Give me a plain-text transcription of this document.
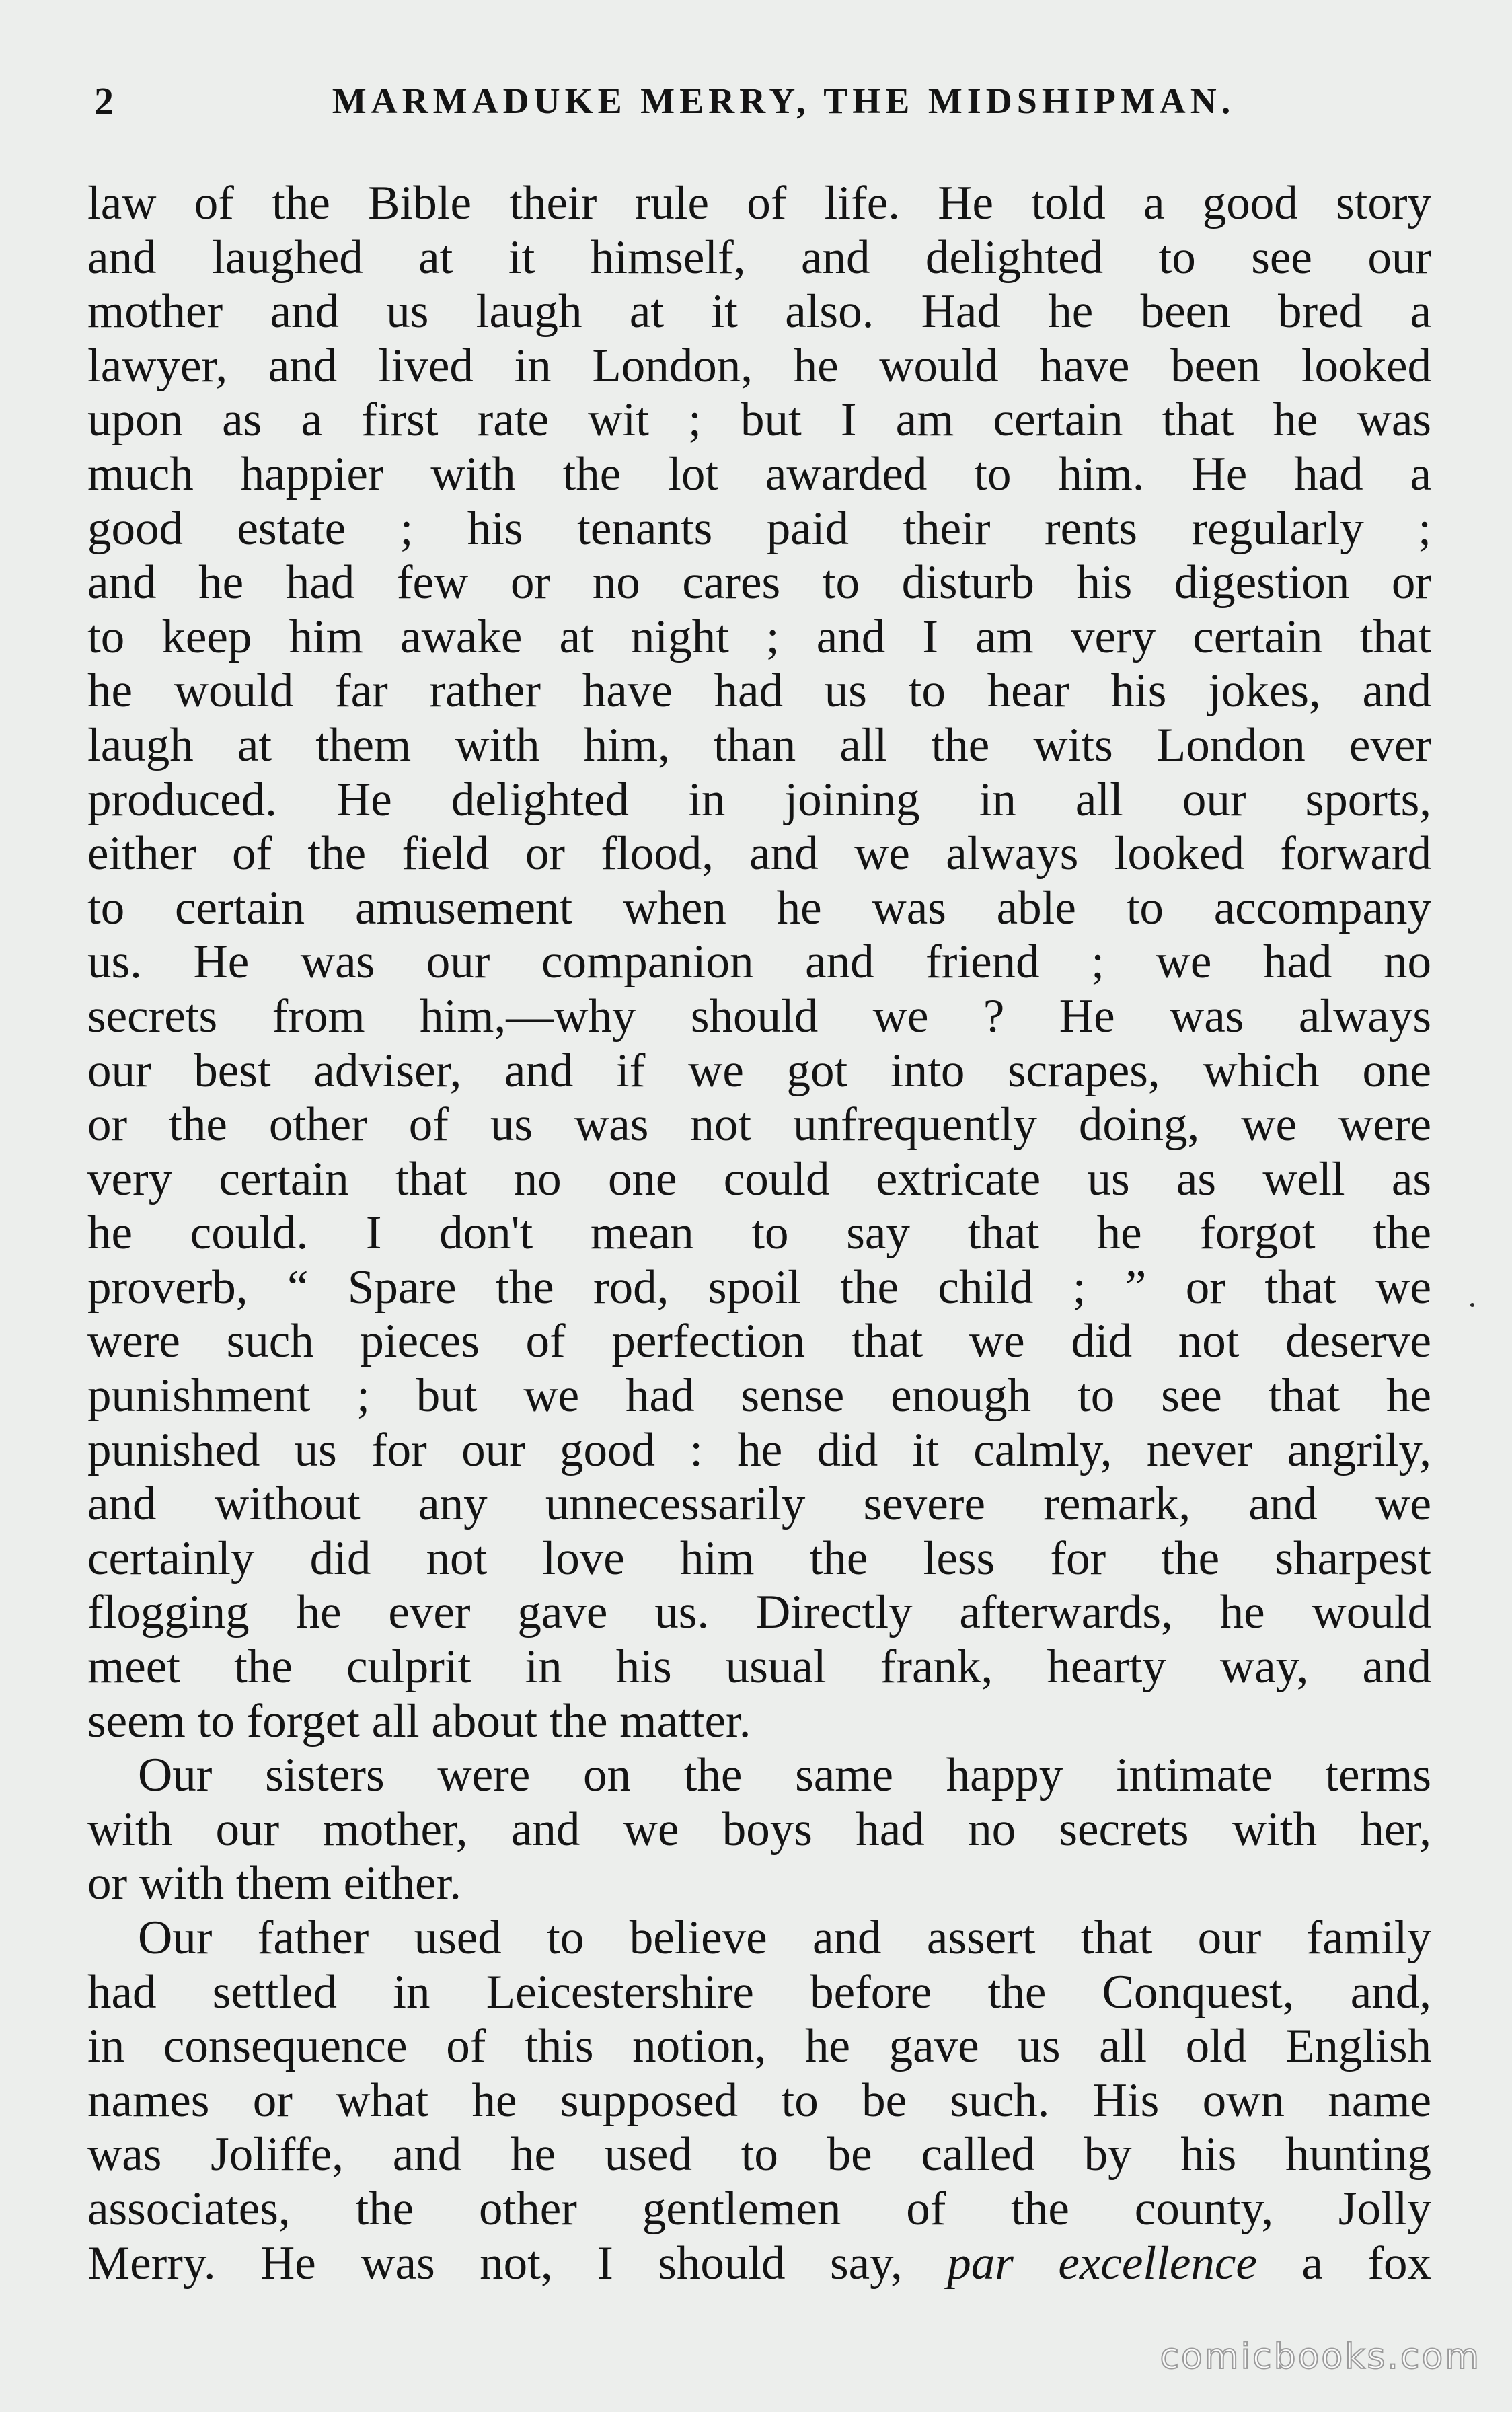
2	MARMADUKE MERRY, THE MIDSHIPMAN.
law of the Bible their rule of life. He told a good story
and laughed at it himself, and delighted to see our
mother and us laugh at it also. Had he been bred a
lawyer, and lived in London, he would have been looked
upon as a first rate wit ; but I am certain that he was
much happier with the lot awarded to him. He had a
good estate ; his tenants paid their rents regularly ;
and he had few or no cares to disturb his digestion or
to keep him awake at night ; and I am very certain that
he would far rather have had us to hear his jokes, and
laugh at them with him, than all the wits London ever
produced. He delighted in joining in all our sports,
either of the field or flood, and we always looked forward
to certain amusement when he was able to accompany
us. He was our companion and friend ; we had no
secrets from him,—why should we ? He was always
our best adviser, and if we got into scrapes, which one
or the other of us was not unfrequently doing, we were
very certain that no one could extricate us as well as
he could. I don't mean to say that he forgot the
proverb, “ Spare the rod, spoil the child ; ” or that we
were such pieces of perfection that we did not deserve
punishment ; but we had sense enough to see that he
punished us for our good : he did it calmly, never angrily,
and without any unnecessarily severe remark, and we
certainly did not love him the less for the sharpest
flogging he ever gave us. Directly afterwards, he would
meet the culprit in his usual frank, hearty way, and
seem to forget all about the matter.
Our sisters were on the same happy intimate terms
with our mother, and we boys had no secrets with her,
or with them either.
Our father used to believe and assert that our family
had settled in Leicestershire before the Conquest, and,
in consequence of this notion, he gave us all old English
names or what he supposed to be such. His own name
was Joliffe, and he used to be called by his hunting
associates, the other gentlemen of the county, Jolly
Merry. He was not, I should say, par excellence a fox
comicbooks.com
